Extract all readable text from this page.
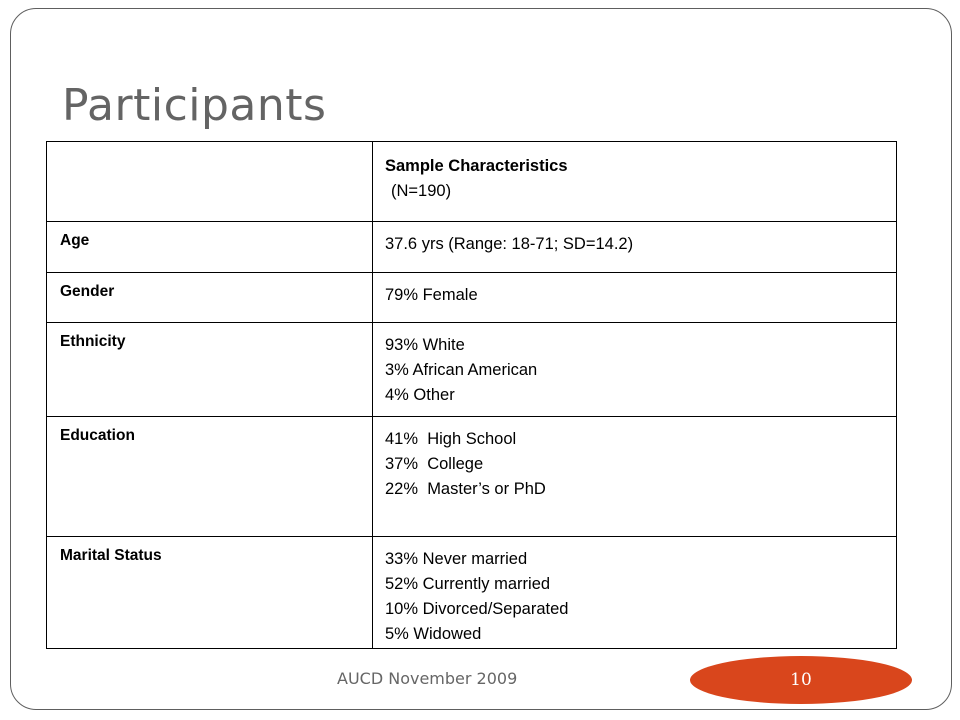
Participants

	Sample Characteristics
(N=190)

Age	37.6 yrs (Range: 18-71; SD=14.2)

Gender	79% Female

Ethnicity	93% White
3% African American
4% Other

Education	41%  High School
37%  College
22%  Master’s or PhD

Marital Status	33% Never married
52% Currently married
10% Divorced/Separated
5% Widowed
AUCD November 2009	10
